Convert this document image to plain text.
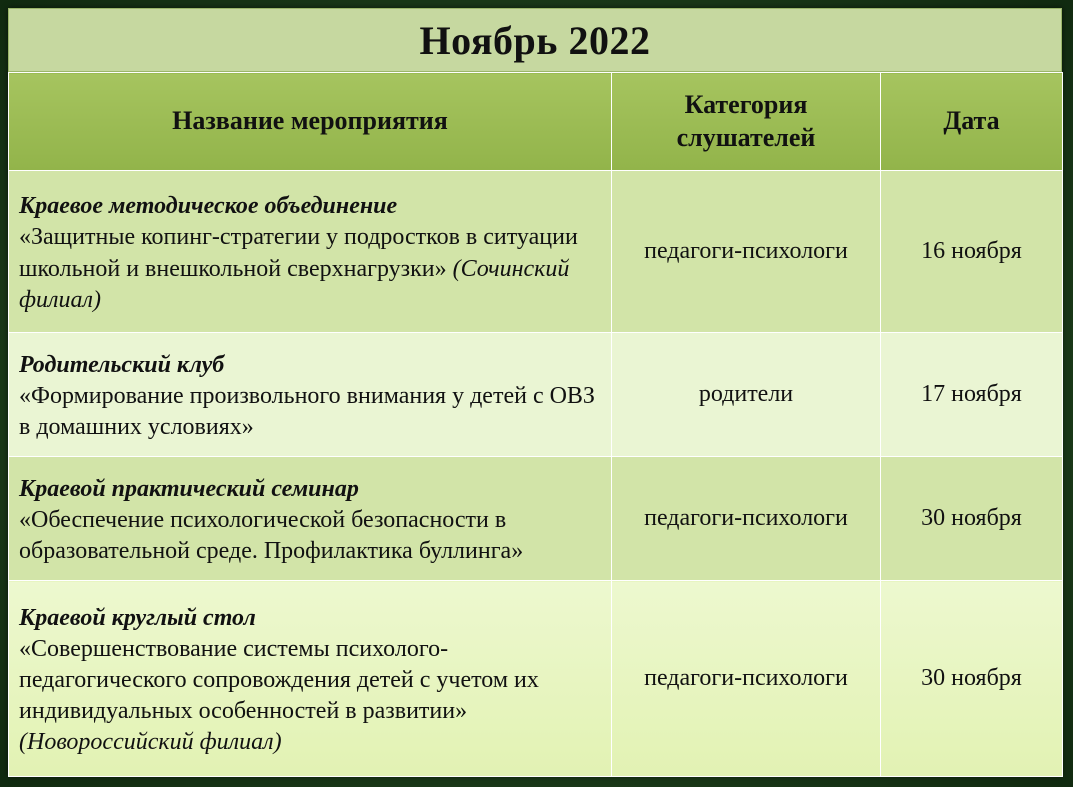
Ноябрь 2022
Название мероприятия	Категория слушателей	Дата

Краевое методическое объединение
«Защитные копинг-стратегии у подростков в ситуации школьной и внешкольной сверхнагрузки» (Сочинский филиал)	педагоги-психологи	16 ноября

Родительский клуб
«Формирование произвольного внимания у детей с ОВЗ в домашних условиях»	родители	17 ноября

Краевой практический семинар
«Обеспечение психологической безопасности в образовательной среде. Профилактика буллинга»	педагоги-психологи	30 ноября

Краевой круглый стол
«Совершенствование системы психолого-педагогического сопровождения детей с учетом их индивидуальных особенностей в развитии»
(Новороссийский филиал)	педагоги-психологи	30 ноября
